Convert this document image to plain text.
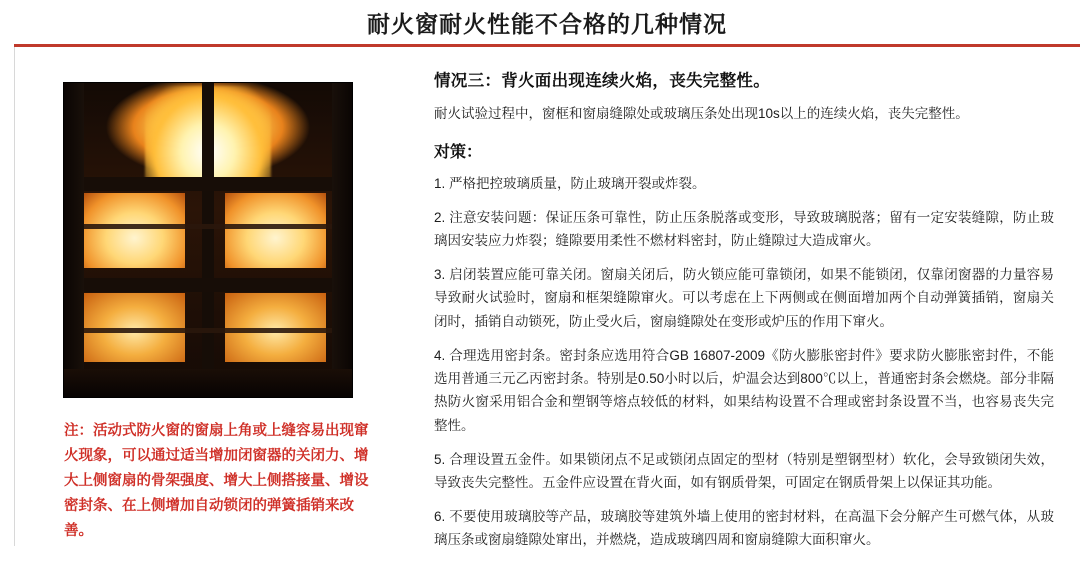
耐火窗耐火性能不合格的几种情况
注：活动式防火窗的窗扇上角或上缝容易出现窜火现象，可以通过适当增加闭窗器的关闭力、增大上侧窗扇的骨架强度、增大上侧搭接量、增设密封条、在上侧增加自动锁闭的弹簧插销来改善。
情况三：背火面出现连续火焰，丧失完整性。

耐火试验过程中，窗框和窗扇缝隙处或玻璃压条处出现10s以上的连续火焰，丧失完整性。

对策：

1. 严格把控玻璃质量，防止玻璃开裂或炸裂。

2. 注意安装问题：保证压条可靠性，防止压条脱落或变形，导致玻璃脱落；留有一定安装缝隙，防止玻璃因安装应力炸裂；缝隙要用柔性不燃材料密封，防止缝隙过大造成窜火。

3. 启闭装置应能可靠关闭。窗扇关闭后，防火锁应能可靠锁闭，如果不能锁闭，仅靠闭窗器的力量容易导致耐火试验时，窗扇和框架缝隙窜火。可以考虑在上下两侧或在侧面增加两个自动弹簧插销，窗扇关闭时，插销自动锁死，防止受火后，窗扇缝隙处在变形或炉压的作用下窜火。

4. 合理选用密封条。密封条应选用符合GB 16807-2009《防火膨胀密封件》要求防火膨胀密封件，不能选用普通三元乙丙密封条。特别是0.50小时以后，炉温会达到800℃以上，普通密封条会燃烧。部分非隔热防火窗采用铝合金和塑钢等熔点较低的材料，如果结构设置不合理或密封条设置不当，也容易丧失完整性。

5. 合理设置五金件。如果锁闭点不足或锁闭点固定的型材（特别是塑钢型材）软化，会导致锁闭失效，导致丧失完整性。五金件应设置在背火面，如有钢质骨架，可固定在钢质骨架上以保证其功能。

6. 不要使用玻璃胶等产品，玻璃胶等建筑外墙上使用的密封材料，在高温下会分解产生可燃气体，从玻璃压条或窗扇缝隙处窜出，并燃烧，造成玻璃四周和窗扇缝隙大面积窜火。
